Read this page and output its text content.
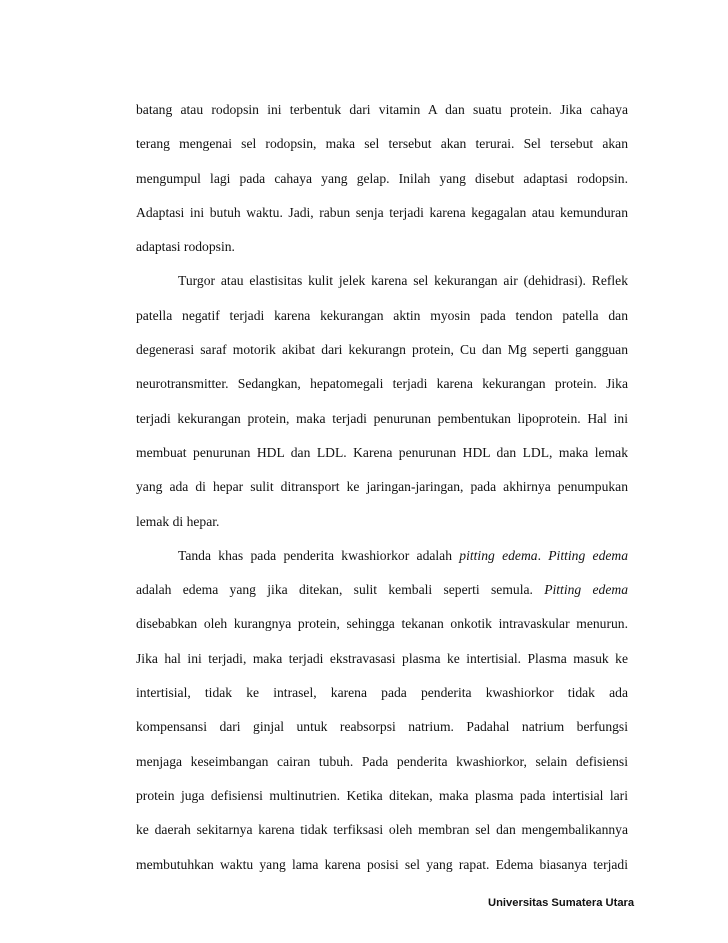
batang atau rodopsin ini terbentuk dari vitamin A dan suatu protein. Jika cahaya
terang mengenai sel rodopsin, maka sel tersebut akan terurai. Sel tersebut akan
mengumpul lagi pada cahaya yang gelap. Inilah yang disebut adaptasi rodopsin.
Adaptasi ini butuh waktu. Jadi, rabun senja terjadi karena kegagalan atau kemunduran
adaptasi rodopsin.
Turgor atau elastisitas kulit jelek karena sel kekurangan air (dehidrasi). Reflek
patella negatif terjadi karena kekurangan aktin myosin pada tendon patella dan
degenerasi saraf motorik akibat dari kekurangn protein, Cu dan Mg seperti gangguan
neurotransmitter. Sedangkan, hepatomegali terjadi karena kekurangan protein. Jika
terjadi kekurangan protein, maka terjadi penurunan pembentukan lipoprotein. Hal ini
membuat penurunan HDL dan LDL. Karena penurunan HDL dan LDL, maka lemak
yang ada di hepar sulit ditransport ke jaringan-jaringan, pada akhirnya penumpukan
lemak di hepar.
Tanda khas pada penderita kwashiorkor adalah pitting edema. Pitting edema
adalah edema yang jika ditekan, sulit kembali seperti semula. Pitting edema
disebabkan oleh kurangnya protein, sehingga tekanan onkotik intravaskular menurun.
Jika hal ini terjadi, maka terjadi ekstravasasi plasma ke intertisial. Plasma masuk ke
intertisial, tidak ke intrasel, karena pada penderita kwashiorkor tidak ada
kompensansi dari ginjal untuk reabsorpsi natrium. Padahal natrium berfungsi
menjaga keseimbangan cairan tubuh. Pada penderita kwashiorkor, selain defisiensi
protein juga defisiensi multinutrien. Ketika ditekan, maka plasma pada intertisial lari
ke daerah sekitarnya karena tidak terfiksasi oleh membran sel dan mengembalikannya
membutuhkan waktu yang lama karena posisi sel yang rapat. Edema biasanya terjadi
Universitas Sumatera Utara
